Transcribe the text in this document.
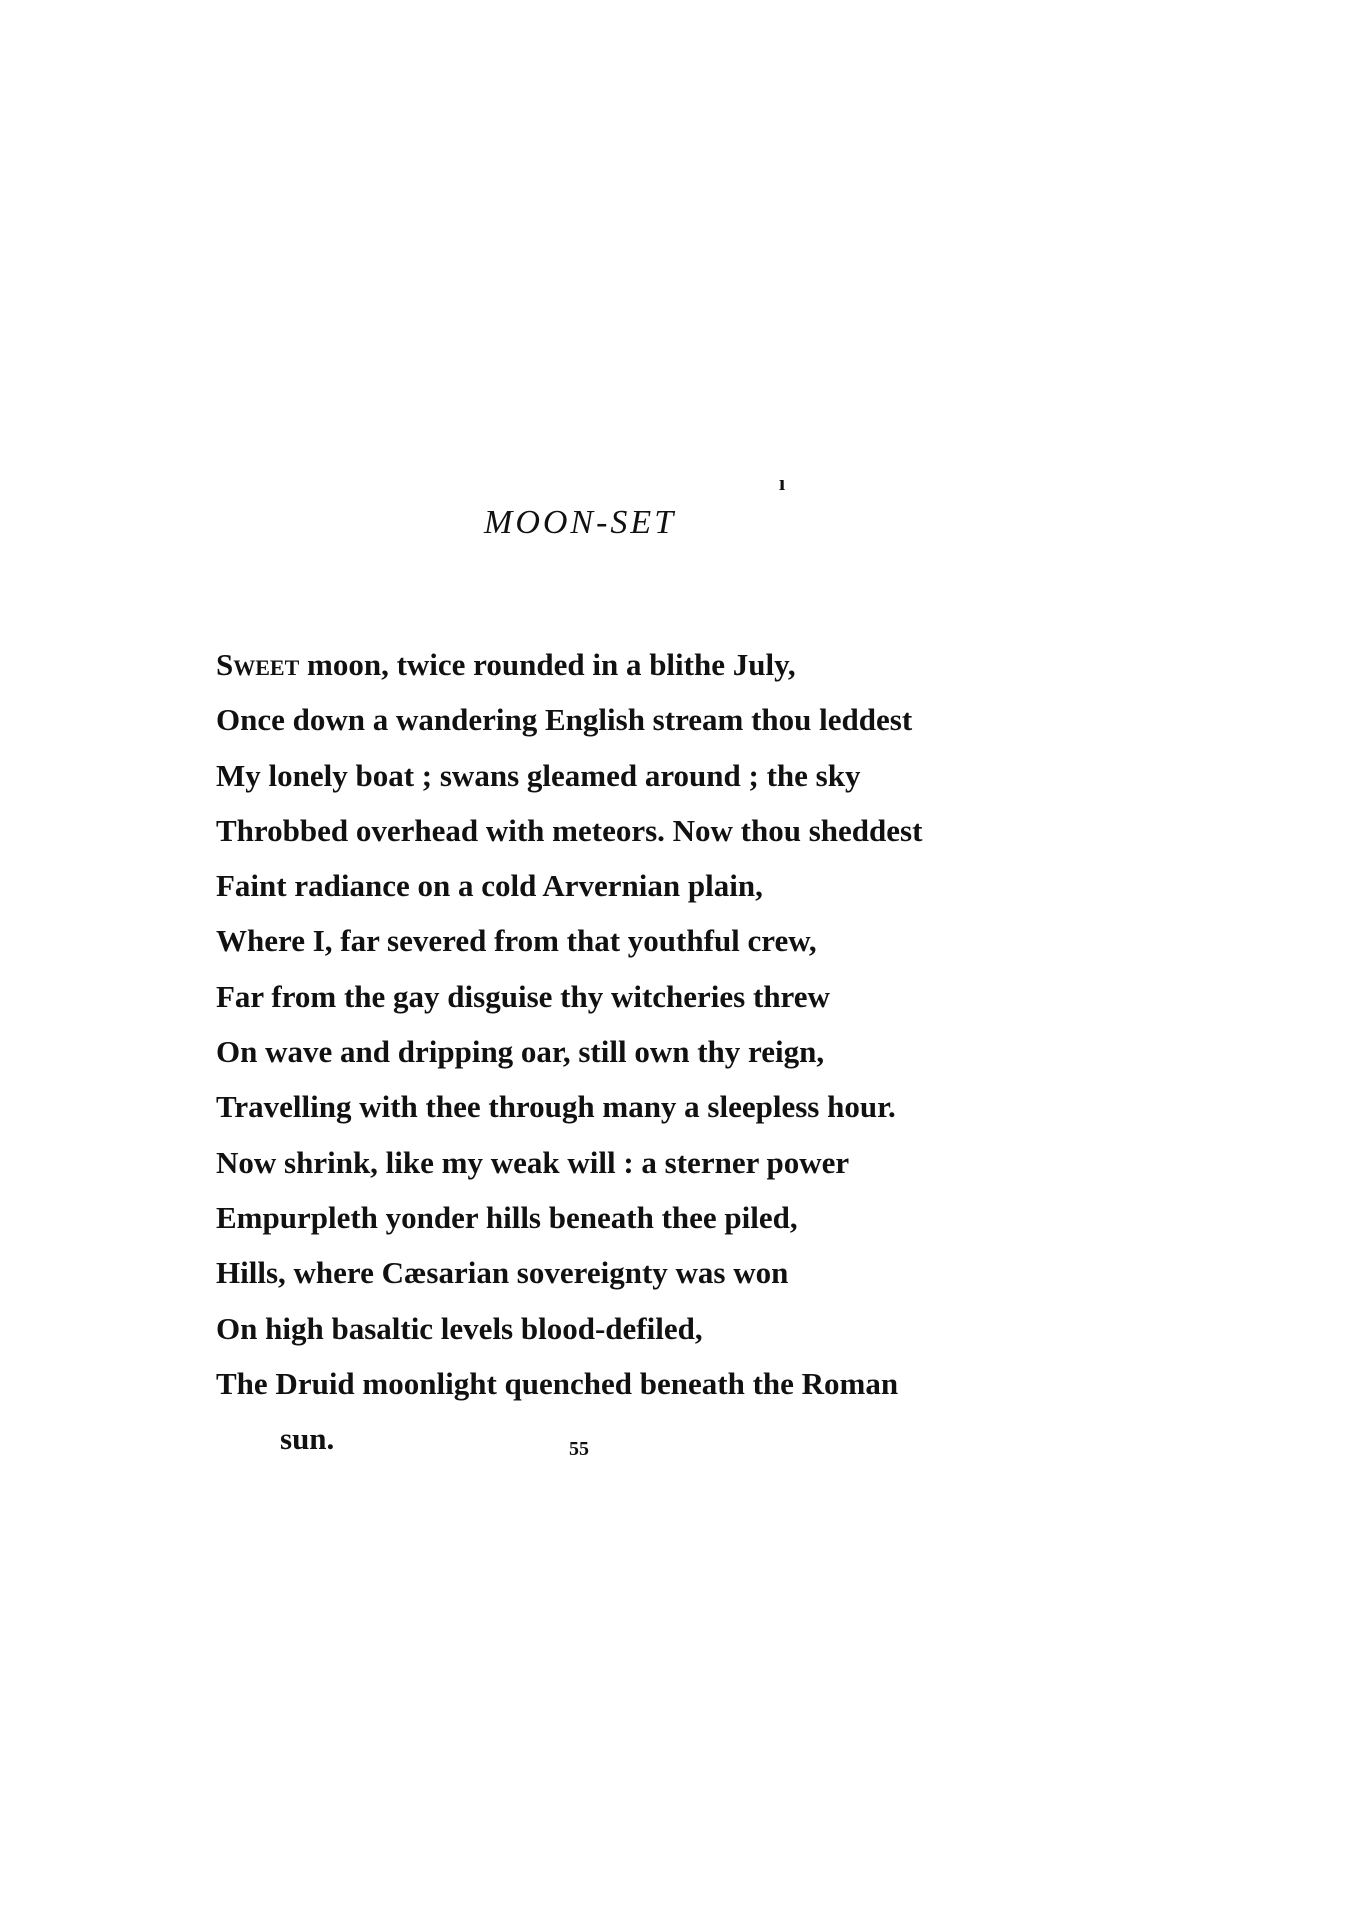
ı
MOON-SET
Sweet moon, twice rounded in a blithe July,
Once down a wandering English stream thou leddest
My lonely boat ; swans gleamed around ; the sky
Throbbed overhead with meteors. Now thou sheddest
Faint radiance on a cold Arvernian plain,
Where I, far severed from that youthful crew,
Far from the gay disguise thy witcheries threw
On wave and dripping oar, still own thy reign,
Travelling with thee through many a sleepless hour.
Now shrink, like my weak will : a sterner power
Empurpleth yonder hills beneath thee piled,
Hills, where Cæsarian sovereignty was won
On high basaltic levels blood-defiled,
The Druid moonlight quenched beneath the Roman
sun.	55
